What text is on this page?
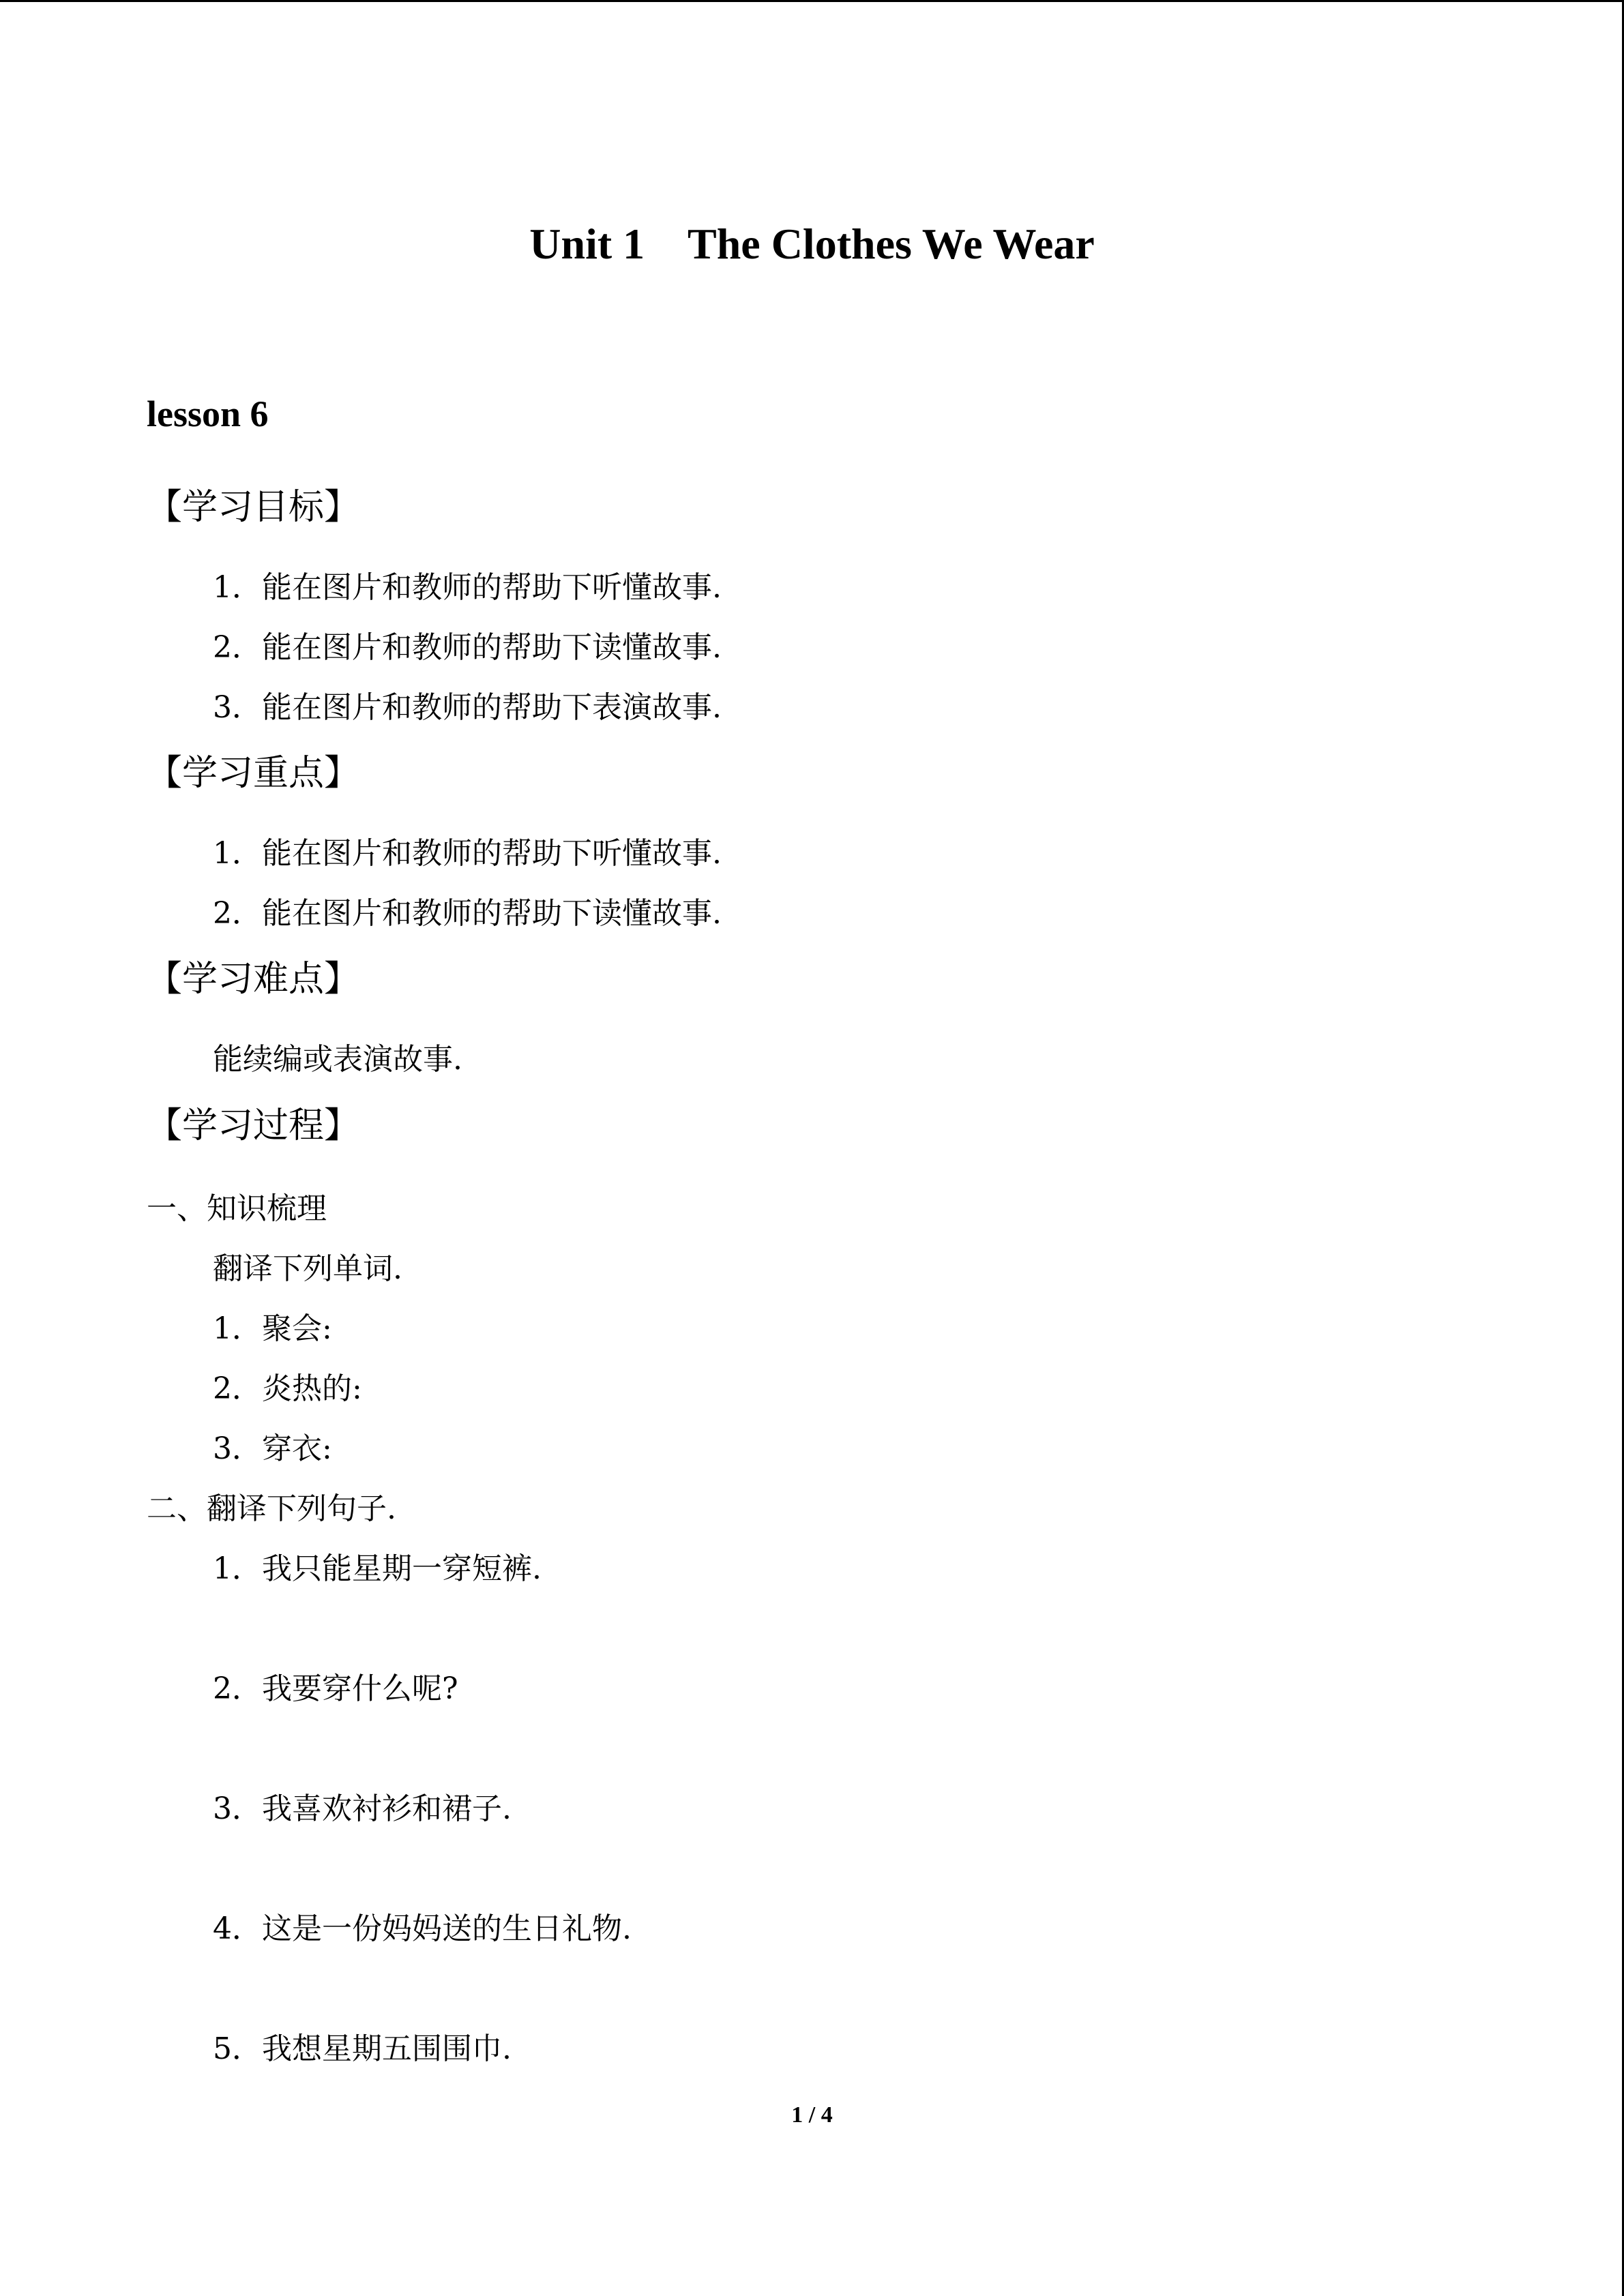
Unit 1    The Clothes We Wear
lesson 6
【学习目标】
1．能在图片和教师的帮助下听懂故事.
2．能在图片和教师的帮助下读懂故事.
3．能在图片和教师的帮助下表演故事.
【学习重点】
1．能在图片和教师的帮助下听懂故事.
2．能在图片和教师的帮助下读懂故事.
【学习难点】
能续编或表演故事.
【学习过程】
一、知识梳理
翻译下列单词.
1．聚会:
2．炎热的:
3．穿衣:
二、翻译下列句子.
1．我只能星期一穿短裤.
2．我要穿什么呢?
3．我喜欢衬衫和裙子.
4．这是一份妈妈送的生日礼物.
5．我想星期五围围巾.
1 / 4
